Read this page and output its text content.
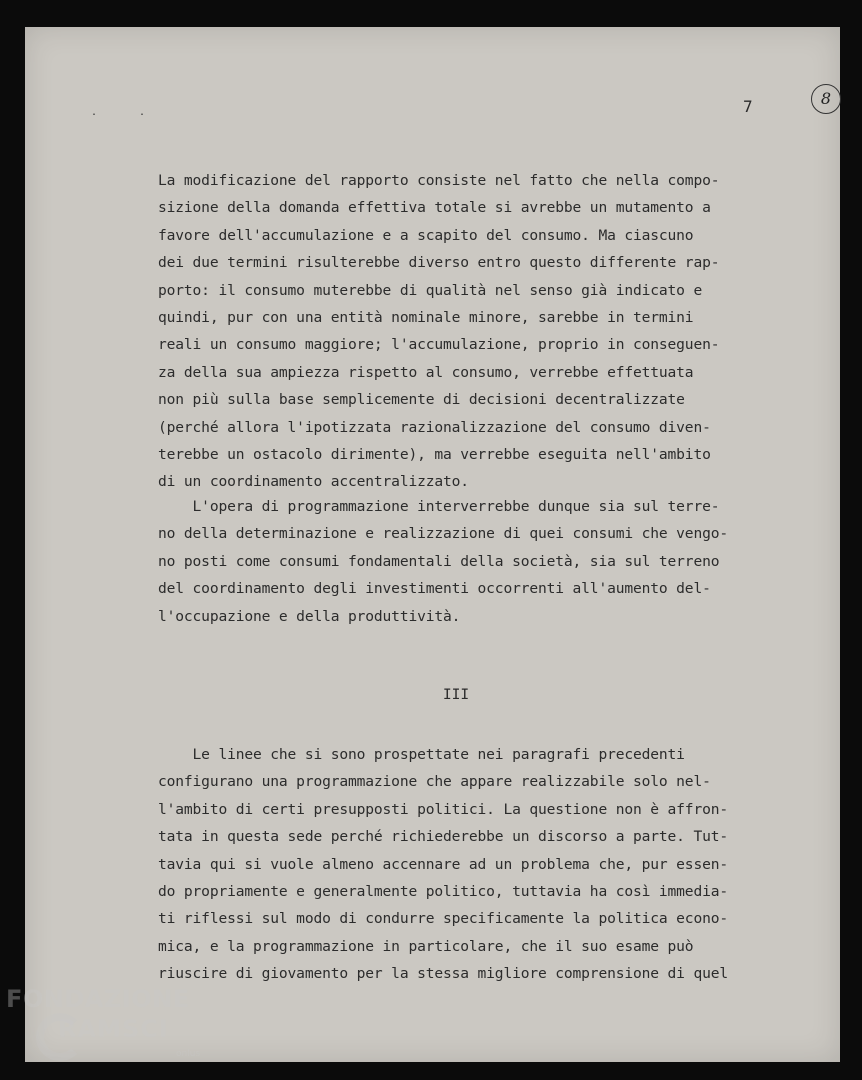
. .	7	8
La modificazione del rapporto consiste nel fatto che nella compo-
sizione della domanda effettiva totale si avrebbe un mutamento a
favore dell'accumulazione e a scapito del consumo. Ma ciascuno
dei due termini risulterebbe diverso entro questo differente rap-
porto: il consumo muterebbe di qualità nel senso già indicato e
quindi, pur con una entità nominale minore, sarebbe in termini
reali un consumo maggiore; l'accumulazione, proprio in conseguen-
za della sua ampiezza rispetto al consumo, verrebbe effettuata
non più sulla base semplicemente di decisioni decentralizzate
(perché allora l'ipotizzata razionalizzazione del consumo diven-
terebbe un ostacolo dirimente), ma verrebbe eseguita nell'ambito
di un coordinamento accentralizzato.
L'opera di programmazione interverrebbe dunque sia sul terre-
no della determinazione e realizzazione di quei consumi che vengo-
no posti come consumi fondamentali della società, sia sul terreno
del coordinamento degli investimenti occorrenti all'aumento del-
l'occupazione e della produttività.
III
Le linee che si sono prospettate nei paragrafi precedenti
configurano una programmazione che appare realizzabile solo nel-
l'ambito di certi presupposti politici. La questione non è affron-
tata in questa sede perché richiederebbe un discorso a parte. Tut-
tavia qui si vuole almeno accennare ad un problema che, pur essen-
do propriamente e generalmente politico, tuttavia ha così immedia-
ti riflessi sul modo di condurre specificamente la politica econo-
mica, e la programmazione in particolare, che il suo esame può
riuscire di giovamento per la stessa migliore comprensione di quel
FONDAZIONE
RAMSCI
onlus
